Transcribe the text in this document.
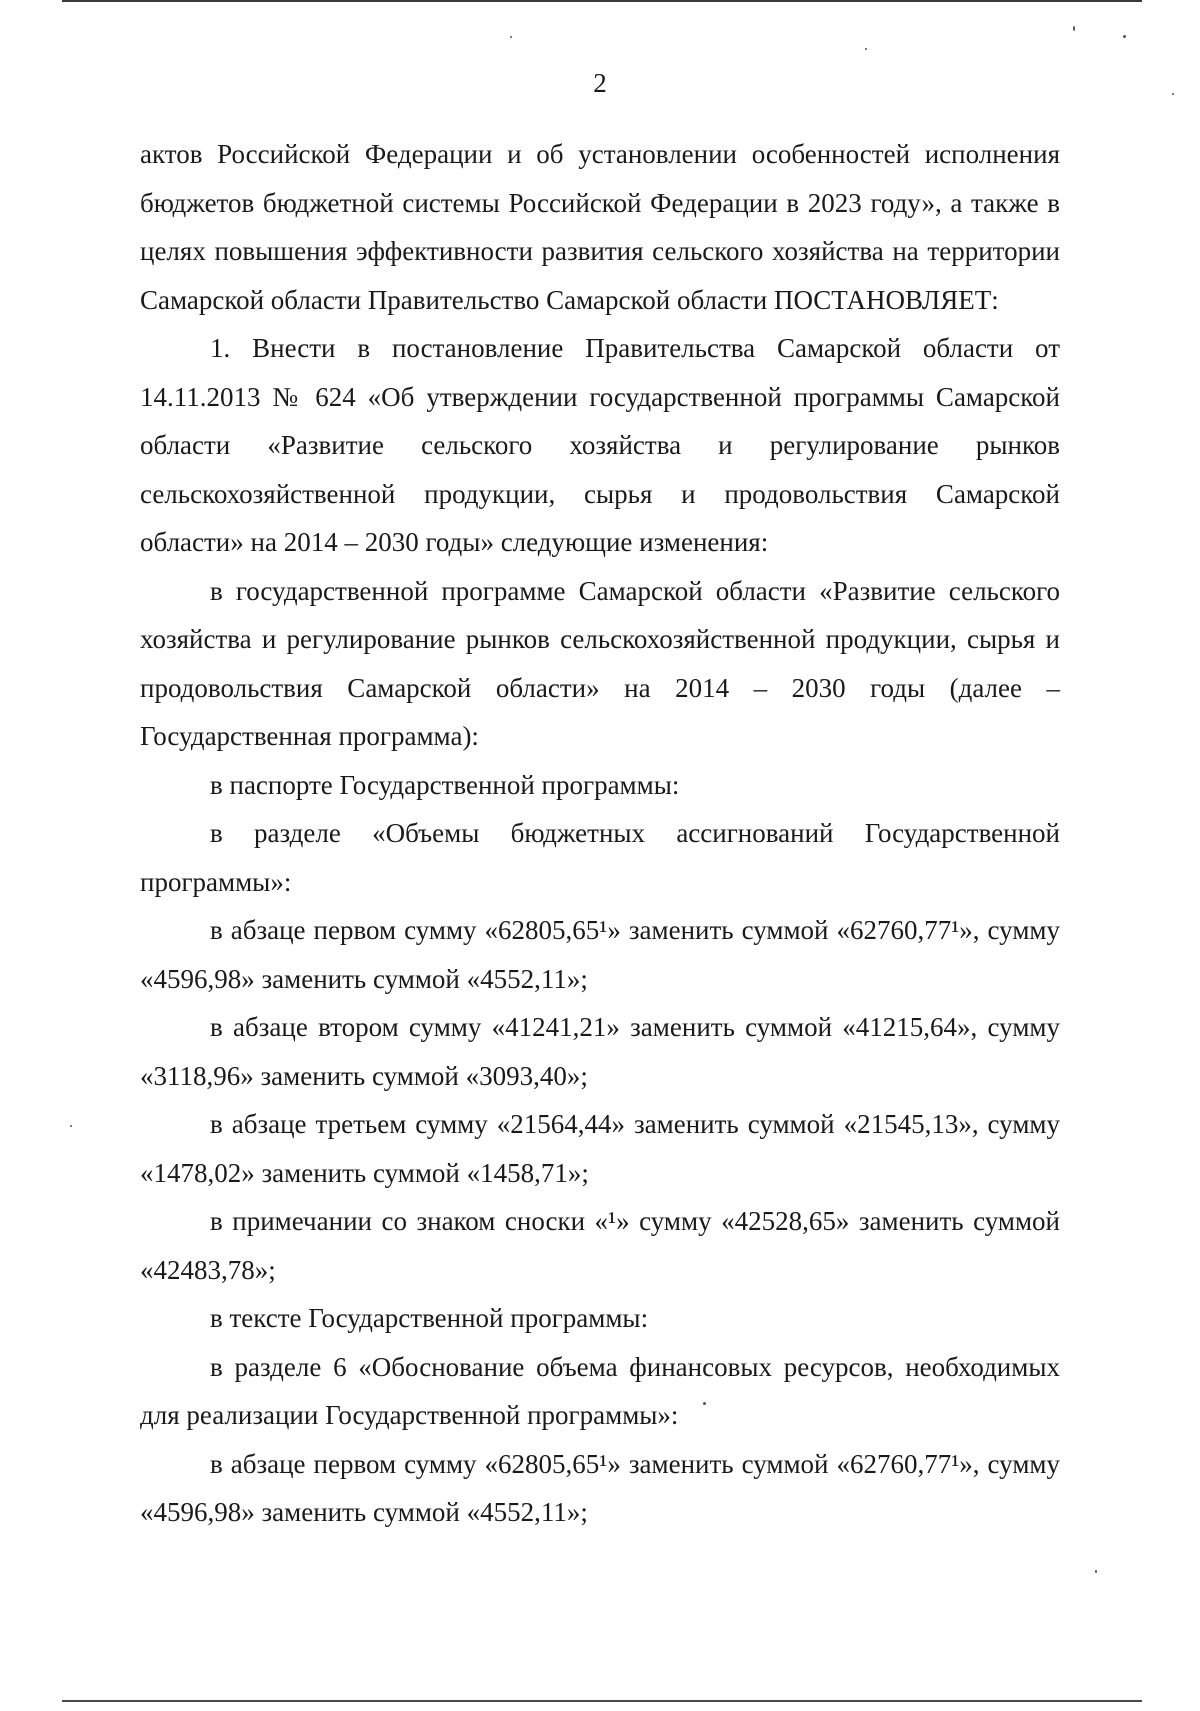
2

актов Российской Федерации и об установлении особенностей исполнения бюджетов бюджетной системы Российской Федерации в 2023 году», а также в целях повышения эффективности развития сельского хозяйства на территории Самарской области Правительство Самарской области ПОСТАНОВЛЯЕТ:

1. Внести в постановление Правительства Самарской области от 14.11.2013 № 624 «Об утверждении государственной программы Самарской области «Развитие сельского хозяйства и регулирование рынков сельскохозяйственной продукции, сырья и продовольствия Самарской области» на 2014 – 2030 годы» следующие изменения:

в государственной программе Самарской области «Развитие сельского хозяйства и регулирование рынков сельскохозяйственной продукции, сырья и продовольствия Самарской области» на 2014 – 2030 годы (далее – Государственная программа):

в паспорте Государственной программы:

в разделе «Объемы бюджетных ассигнований Государственной программы»:

в абзаце первом сумму «62805,65¹» заменить суммой «62760,77¹», сумму «4596,98» заменить суммой «4552,11»;

в абзаце втором сумму «41241,21» заменить суммой «41215,64», сумму «3118,96» заменить суммой «3093,40»;

в абзаце третьем сумму «21564,44» заменить суммой «21545,13», сумму «1478,02» заменить суммой «1458,71»;

в примечании со знаком сноски «¹» сумму «42528,65» заменить суммой «42483,78»;

в тексте Государственной программы:

в разделе 6 «Обоснование объема финансовых ресурсов, необходимых для реализации Государственной программы»:

в абзаце первом сумму «62805,65¹» заменить суммой «62760,77¹», сумму «4596,98» заменить суммой «4552,11»;
